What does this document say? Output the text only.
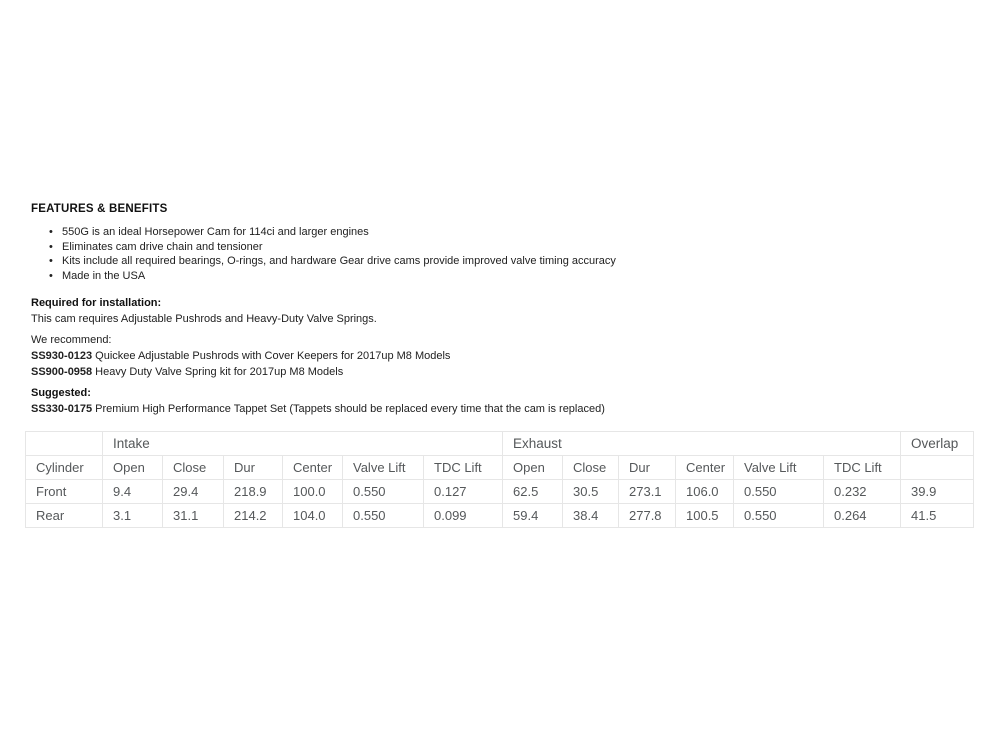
FEATURES & BENEFITS
•550G is an ideal Horsepower Cam for 114ci and larger engines
•Eliminates cam drive chain and tensioner
•Kits include all required bearings, O-rings, and hardware Gear drive cams provide improved valve timing accuracy
•Made in the USA
Required for installation:
This cam requires Adjustable Pushrods and Heavy-Duty Valve Springs.
We recommend:
SS930-0123 Quickee Adjustable Pushrods with Cover Keepers for 2017up M8 Models
SS900-0958 Heavy Duty Valve Spring kit for 2017up M8 Models
Suggested:
SS330-0175 Premium High Performance Tappet Set (Tappets should be replaced every time that the cam is replaced)
	Intake						Exhaust						Overlap
Cylinder	Open	Close	Dur	Center	Valve Lift	TDC Lift	Open	Close	Dur	Center	Valve Lift	TDC Lift	
Front	9.4	29.4	218.9	100.0	0.550	0.127	62.5	30.5	273.1	106.0	0.550	0.232	39.9
Rear	3.1	31.1	214.2	104.0	0.550	0.099	59.4	38.4	277.8	100.5	0.550	0.264	41.5
